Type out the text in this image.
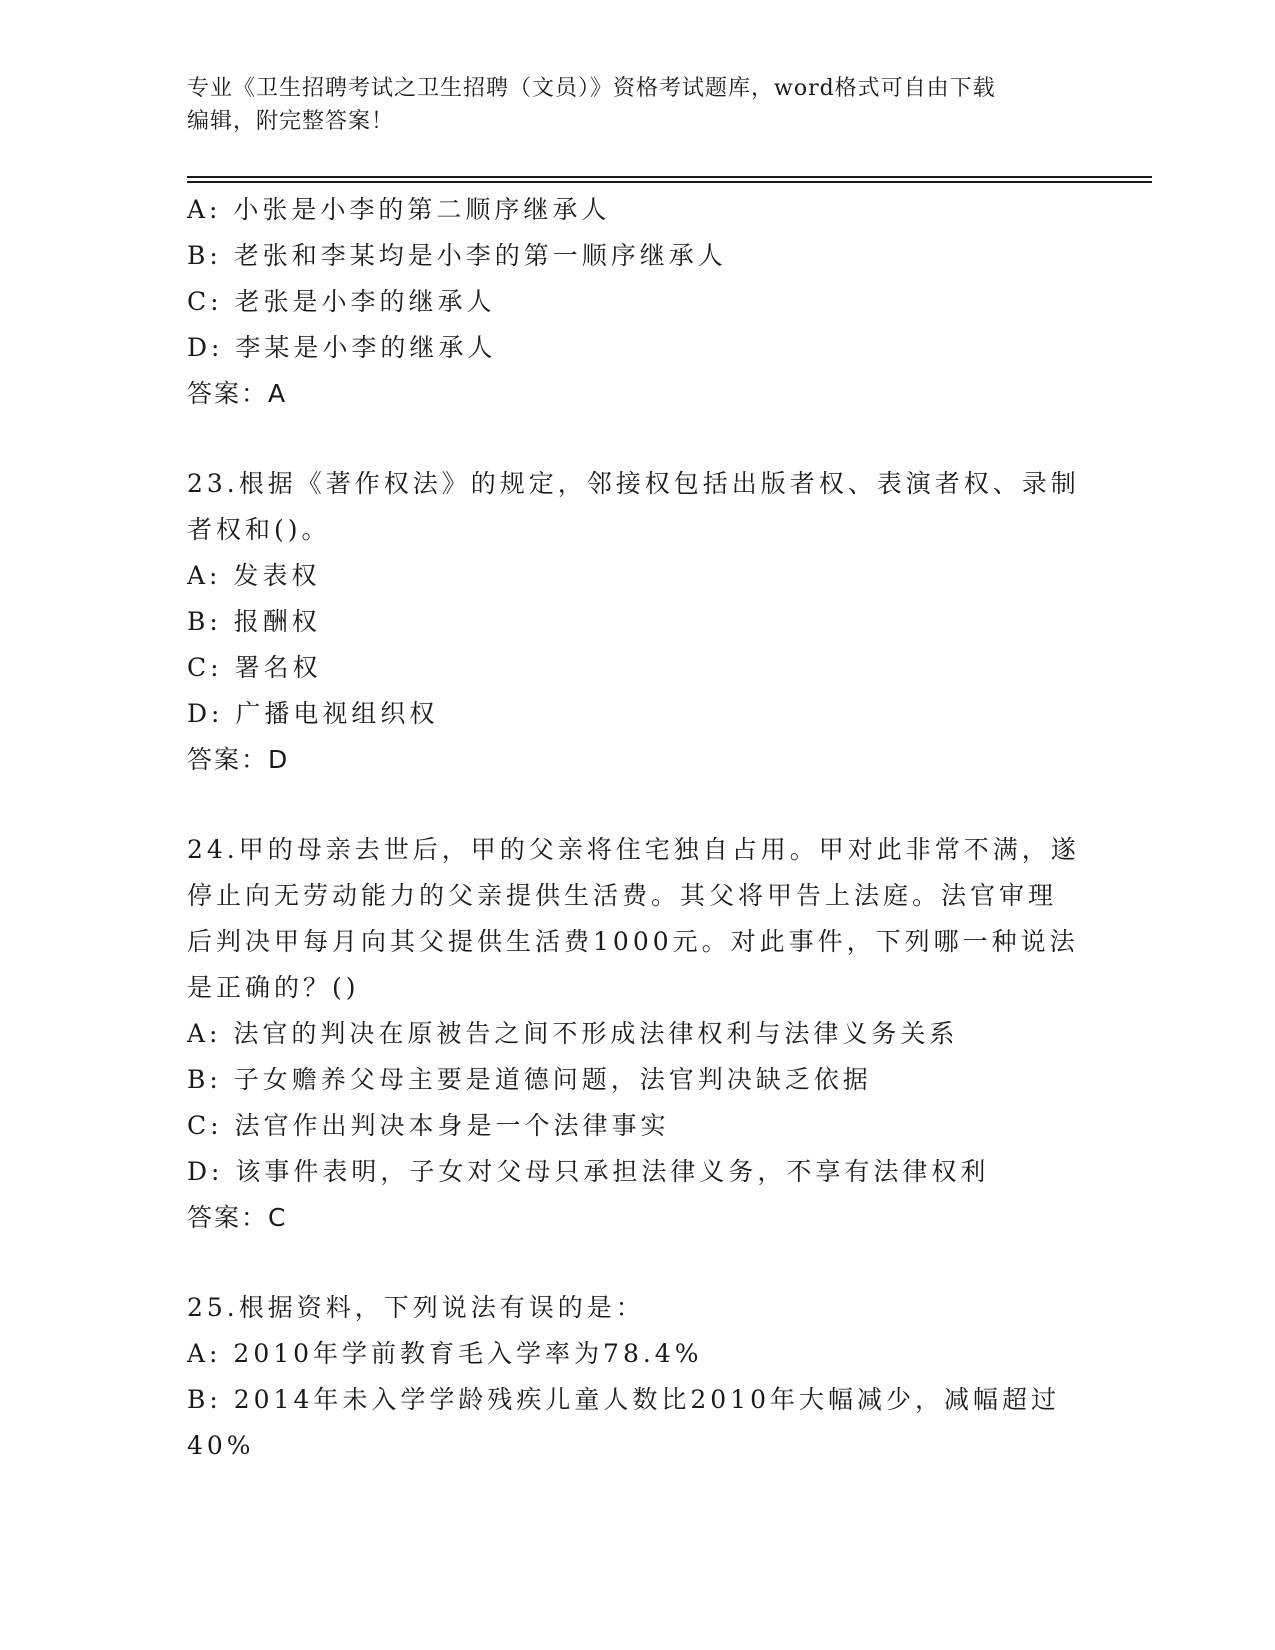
专业《卫生招聘考试之卫生招聘（文员）》资格考试题库，word格式可自由下载
编辑，附完整答案！
A: 小张是小李的第二顺序继承人
B: 老张和李某均是小李的第一顺序继承人
C: 老张是小李的继承人
D: 李某是小李的继承人
答案：A
23.根据《著作权法》的规定，邻接权包括出版者权、表演者权、录制
者权和()。
A: 发表权
B: 报酬权
C: 署名权
D: 广播电视组织权
答案：D
24.甲的母亲去世后，甲的父亲将住宅独自占用。甲对此非常不满，遂
停止向无劳动能力的父亲提供生活费。其父将甲告上法庭。法官审理
后判决甲每月向其父提供生活费1000元。对此事件，下列哪一种说法
是正确的？()
A: 法官的判决在原被告之间不形成法律权利与法律义务关系
B: 子女赡养父母主要是道德问题，法官判决缺乏依据
C: 法官作出判决本身是一个法律事实
D: 该事件表明，子女对父母只承担法律义务，不享有法律权利
答案：C
25.根据资料，下列说法有误的是：
A: 2010年学前教育毛入学率为78.4%
B: 2014年未入学学龄残疾儿童人数比2010年大幅减少，减幅超过
40%
